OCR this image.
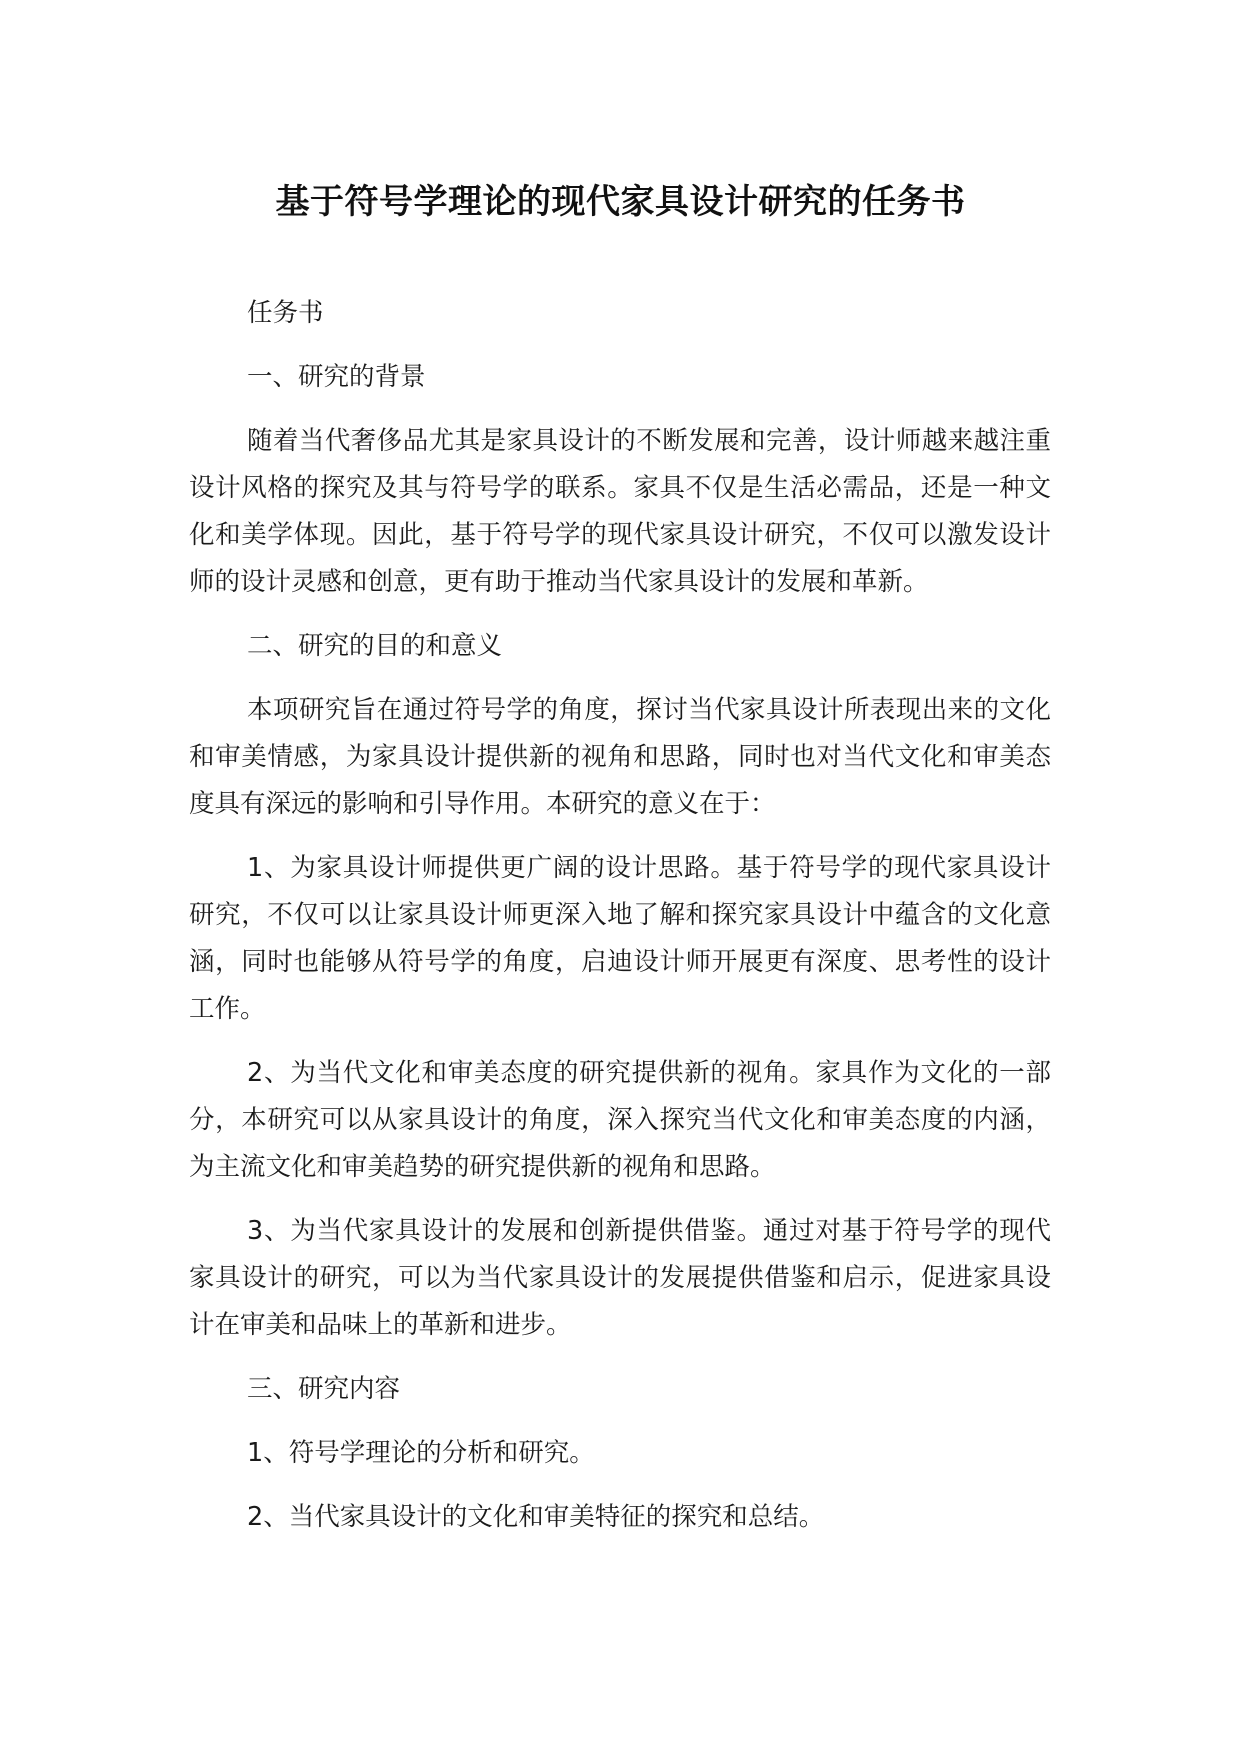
基于符号学理论的现代家具设计研究的任务书

任务书

一、研究的背景

随着当代奢侈品尤其是家具设计的不断发展和完善，设计师越来越注重设计风格的探究及其与符号学的联系。家具不仅是生活必需品，还是一种文化和美学体现。因此，基于符号学的现代家具设计研究，不仅可以激发设计师的设计灵感和创意，更有助于推动当代家具设计的发展和革新。

二、研究的目的和意义

本项研究旨在通过符号学的角度，探讨当代家具设计所表现出来的文化和审美情感，为家具设计提供新的视角和思路，同时也对当代文化和审美态度具有深远的影响和引导作用。本研究的意义在于：

1、为家具设计师提供更广阔的设计思路。基于符号学的现代家具设计研究，不仅可以让家具设计师更深入地了解和探究家具设计中蕴含的文化意涵，同时也能够从符号学的角度，启迪设计师开展更有深度、思考性的设计工作。

2、为当代文化和审美态度的研究提供新的视角。家具作为文化的一部分，本研究可以从家具设计的角度，深入探究当代文化和审美态度的内涵，为主流文化和审美趋势的研究提供新的视角和思路。

3、为当代家具设计的发展和创新提供借鉴。通过对基于符号学的现代家具设计的研究，可以为当代家具设计的发展提供借鉴和启示，促进家具设计在审美和品味上的革新和进步。

三、研究内容

1、符号学理论的分析和研究。

2、当代家具设计的文化和审美特征的探究和总结。
